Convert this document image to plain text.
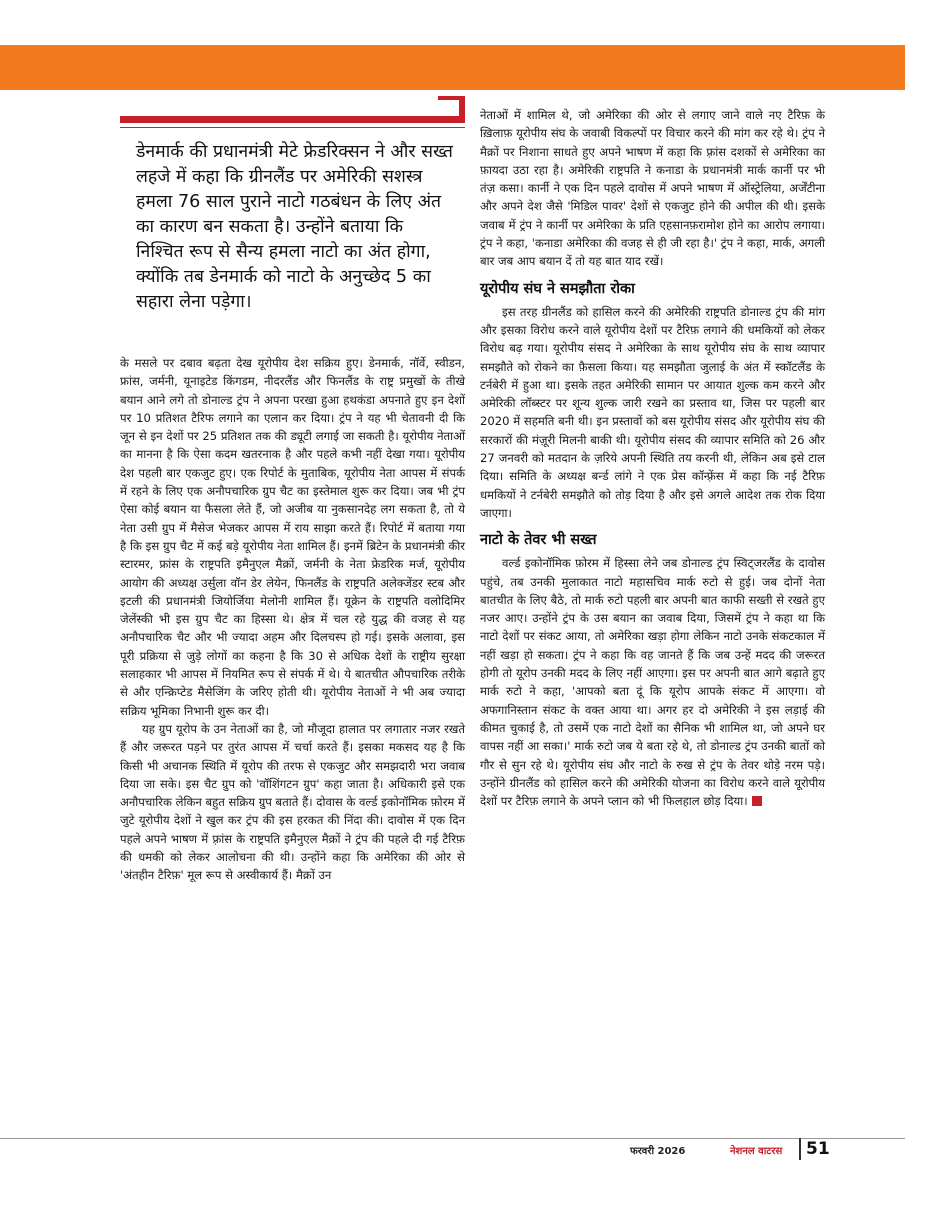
डेनमार्क की प्रधानमंत्री मेटे फ्रेडरिक्सन ने और सख्त लहजे में कहा कि ग्रीनलैंड पर अमेरिकी सशस्त्र हमला 76 साल पुराने नाटो गठबंधन के लिए अंत का कारण बन सकता है। उन्होंने बताया कि निश्चित रूप से सैन्य हमला नाटो का अंत होगा, क्योंकि तब डेनमार्क को नाटो के अनुच्छेद 5 का सहारा लेना पड़ेगा।

के मसले पर दबाव बढ़ता देख यूरोपीय देश सक्रिय हुए। डेनमार्क, नॉर्वे, स्वीडन, फ्रांस, जर्मनी, यूनाइटेड किंगडम, नीदरलैंड और फिनलैंड के राष्ट्र प्रमुखों के तीखे बयान आने लगे तो डोनाल्ड ट्रंप ने अपना परखा हुआ हथकंडा अपनाते हुए इन देशों पर 10 प्रतिशत टैरिफ लगाने का एलान कर दिया। ट्रंप ने यह भी चेतावनी दी कि जून से इन देशों पर 25 प्रतिशत तक की ड्यूटी लगाई जा सकती है। यूरोपीय नेताओं का मानना है कि ऐसा कदम खतरनाक है और पहले कभी नहीं देखा गया। यूरोपीय देश पहली बार एकजुट हुए। एक रिपोर्ट के मुताबिक, यूरोपीय नेता आपस में संपर्क में रहने के लिए एक अनौपचारिक ग्रुप चैट का इस्तेमाल शुरू कर दिया। जब भी ट्रंप ऐसा कोई बयान या फैसला लेते हैं, जो अजीब या नुकसानदेह लग सकता है, तो ये नेता उसी ग्रुप में मैसेज भेजकर आपस में राय साझा करते हैं। रिपोर्ट में बताया गया है कि इस ग्रुप चैट में कई बड़े यूरोपीय नेता शामिल हैं। इनमें ब्रिटेन के प्रधानमंत्री कीर स्टारमर, फ्रांस के राष्ट्रपति इमैनुएल मैक्रों, जर्मनी के नेता फ्रेडरिक मर्ज, यूरोपीय आयोग की अध्यक्ष उर्सुला वॉन डेर लेयेन, फिनलैंड के राष्ट्रपति अलेक्जेंडर स्टब और इटली की प्रधानमंत्री जियोर्जिया मेलोनी शामिल हैं। यूक्रेन के राष्ट्रपति वलोदिमिर जेलेंस्की भी इस ग्रुप चैट का हिस्सा थे। क्षेत्र में चल रहे युद्ध की वजह से यह अनौपचारिक चैट और भी ज्यादा अहम और दिलचस्प हो गई। इसके अलावा, इस पूरी प्रक्रिया से जुड़े लोगों का कहना है कि 30 से अधिक देशों के राष्ट्रीय सुरक्षा सलाहकार भी आपस में नियमित रूप से संपर्क में थे। ये बातचीत औपचारिक तरीके से और एन्क्रिप्टेड मैसेजिंग के जरिए होती थी। यूरोपीय नेताओं ने भी अब ज्यादा सक्रिय भूमिका निभानी शुरू कर दी।

यह ग्रुप यूरोप के उन नेताओं का है, जो मौजूदा हालात पर लगातार नजर रखते हैं और जरूरत पड़ने पर तुरंत आपस में चर्चा करते हैं। इसका मकसद यह है कि किसी भी अचानक स्थिति में यूरोप की तरफ से एकजुट और समझदारी भरा जवाब दिया जा सके। इस चैट ग्रुप को 'वॉशिंगटन ग्रुप' कहा जाता है। अधिकारी इसे एक अनौपचारिक लेकिन बहुत सक्रिय ग्रुप बताते हैं। दोवास के वर्ल्ड इकोनॉमिक फ़ोरम में जुटे यूरोपीय देशों ने खुल कर ट्रंप की इस हरकत की निंदा की। दावोस में एक दिन पहले अपने भाषण में फ़्रांस के राष्ट्रपति इमैनुएल मैक्रों ने ट्रंप की पहले दी गई टैरिफ़ की धमकी को लेकर आलोचना की थी। उन्होंने कहा कि अमेरिका की ओर से 'अंतहीन टैरिफ़' मूल रूप से अस्वीकार्य हैं। मैक्रों उन

नेताओं में शामिल थे, जो अमेरिका की ओर से लगाए जाने वाले नए टैरिफ़ के ख़िलाफ़ यूरोपीय संघ के जवाबी विकल्पों पर विचार करने की मांग कर रहे थे। ट्रंप ने मैक्रों पर निशाना साधते हुए अपने भाषण में कहा कि फ़्रांस दशकों से अमेरिका का फ़ायदा उठा रहा है। अमेरिकी राष्ट्रपति ने कनाडा के प्रधानमंत्री मार्क कार्नी पर भी तंज़ कसा। कार्नी ने एक दिन पहले दावोस में अपने भाषण में ऑस्ट्रेलिया, अर्जेंटीना और अपने देश जैसे 'मिडिल पावर' देशों से एकजुट होने की अपील की थी। इसके जवाब में ट्रंप ने कार्नी पर अमेरिका के प्रति एहसानफ़रामोश होने का आरोप लगाया। ट्रंप ने कहा, 'कनाडा अमेरिका की वजह से ही जी रहा है।' ट्रंप ने कहा, मार्क, अगली बार जब आप बयान दें तो यह बात याद रखें।

यूरोपीय संघ ने समझौता रोका

इस तरह ग्रीनलैंड को हासिल करने की अमेरिकी राष्ट्रपति डोनाल्ड ट्रंप की मांग और इसका विरोध करने वाले यूरोपीय देशों पर टैरिफ़ लगाने की धमकियों को लेकर विरोध बढ़ गया। यूरोपीय संसद ने अमेरिका के साथ यूरोपीय संघ के साथ व्यापार समझौते को रोकने का फ़ैसला किया। यह समझौता जुलाई के अंत में स्कॉटलैंड के टर्नबेरी में हुआ था। इसके तहत अमेरिकी सामान पर आयात शुल्क कम करने और अमेरिकी लॉब्स्टर पर शून्य शुल्क जारी रखने का प्रस्ताव था, जिस पर पहली बार 2020 में सहमति बनी थी। इन प्रस्तावों को बस यूरोपीय संसद और यूरोपीय संघ की सरकारों की मंज़ूरी मिलनी बाकी थी। यूरोपीय संसद की व्यापार समिति को 26 और 27 जनवरी को मतदान के ज़रिये अपनी स्थिति तय करनी थी, लेकिन अब इसे टाल दिया। समिति के अध्यक्ष बर्न्ड लांगे ने एक प्रेस कॉन्फ़्रेंस में कहा कि नई टैरिफ़ धमकियों ने टर्नबेरी समझौते को तोड़ दिया है और इसे अगले आदेश तक रोक दिया जाएगा।

नाटो के तेवर भी सख्त

वर्ल्ड इकोनॉमिक फ़ोरम में हिस्सा लेने जब डोनाल्ड ट्रंप स्विट्जरलैंड के दावोस पहुंचे, तब उनकी मुलाकात नाटो महासचिव मार्क रुटो से हुई। जब दोनों नेता बातचीत के लिए बैठे, तो मार्क रुटो पहली बार अपनी बात काफी सख्ती से रखते हुए नजर आए। उन्होंने ट्रंप के उस बयान का जवाब दिया, जिसमें ट्रंप ने कहा था कि नाटो देशों पर संकट आया, तो अमेरिका खड़ा होगा लेकिन नाटो उनके संकटकाल में नहीं खड़ा हो सकता। ट्रंप ने कहा कि वह जानते हैं कि जब उन्हें मदद की जरूरत होगी तो यूरोप उनकी मदद के लिए नहीं आएगा। इस पर अपनी बात आगे बढ़ाते हुए मार्क रुटो ने कहा, 'आपको बता दूं कि यूरोप आपके संकट में आएगा। वो अफगानिस्तान संकट के वक्त आया था। अगर हर दो अमेरिकी ने इस लड़ाई की कीमत चुकाई है, तो उसमें एक नाटो देशों का सैनिक भी शामिल था, जो अपने घर वापस नहीं आ सका।' मार्क रुटो जब ये बता रहे थे, तो डोनाल्ड ट्रंप उनकी बातों को गौर से सुन रहे थे। यूरोपीय संघ और नाटो के रुख से ट्रंप के तेवर थोड़े नरम पड़े। उन्होंने ग्रीनलैंड को हासिल करने की अमेरिकी योजना का विरोध करने वाले यूरोपीय देशों पर टैरिफ़ लगाने के अपने प्लान को भी फिलहाल छोड़ दिया।

फरवरी 2026	नेशनल वाटरस 51
